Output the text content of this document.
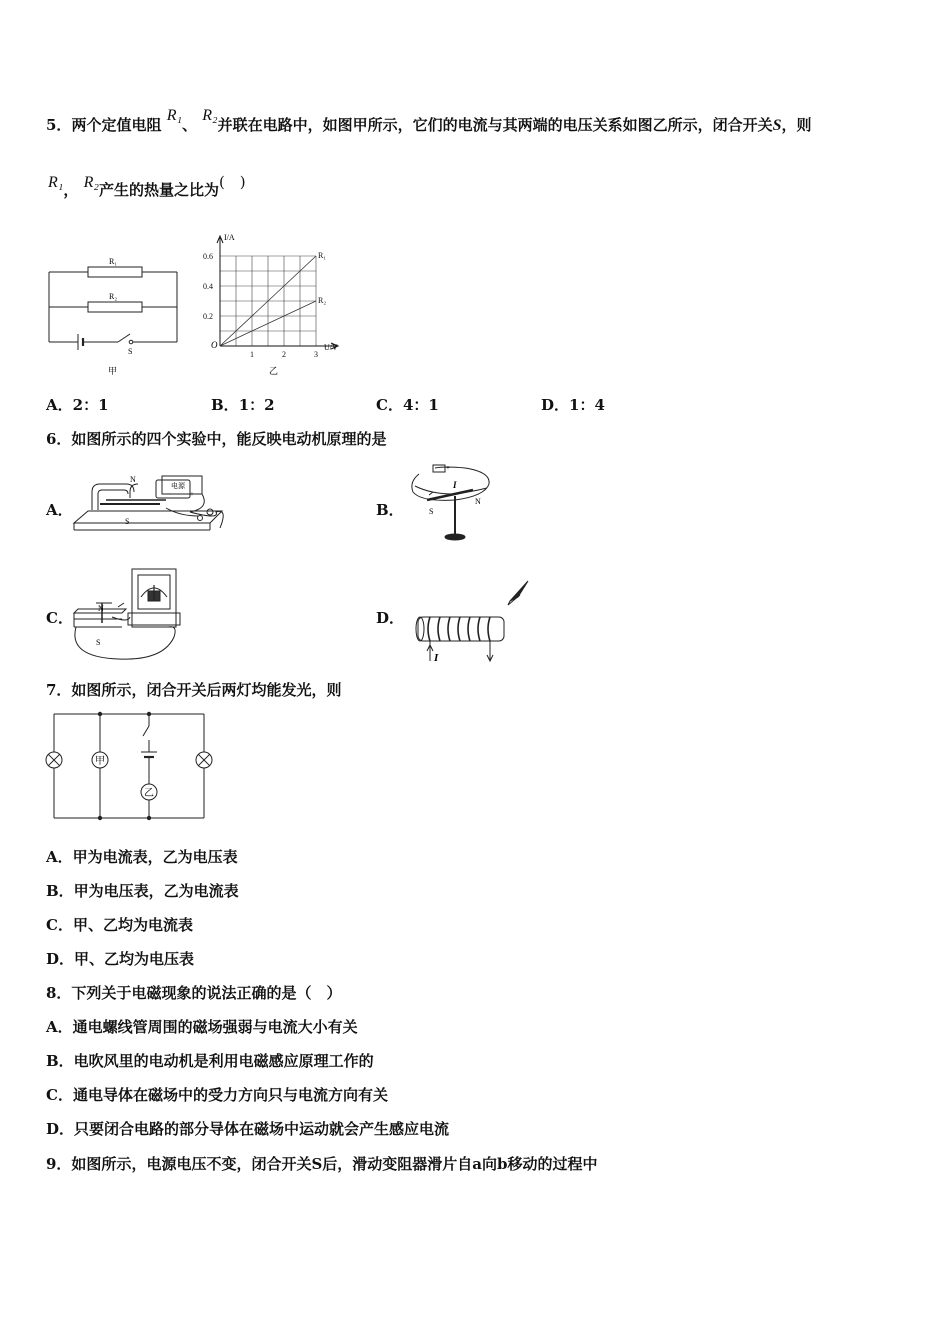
5．两个定值电阻 R₁、 R₂并联在电路中，如图甲所示，它们的电流与其两端的电压关系如图乙所示，闭合开关S，则
R₁， R₂产生的热量之比为(　)
R₁
R₂
S
甲
1	2	3
0.2
0.4
0.6	R₁
R₂
I/A
U/V
O
乙
A．2：1	B．1：2	C．4：1	D．1：4
6．如图所示的四个实验中，能反映电动机原理的是
A．
N
S
电源
+
−
B．	S
N
I
+
C．
N
S
D．
I
7．如图所示，闭合开关后两灯均能发光，则
甲
乙
A．甲为电流表，乙为电压表
B．甲为电压表，乙为电流表
C．甲、乙均为电流表
D．甲、乙均为电压表
8．下列关于电磁现象的说法正确的是（　）
A．通电螺线管周围的磁场强弱与电流大小有关
B．电吹风里的电动机是利用电磁感应原理工作的
C．通电导体在磁场中的受力方向只与电流方向有关
D．只要闭合电路的部分导体在磁场中运动就会产生感应电流
9．如图所示，电源电压不变，闭合开关S后，滑动变阻器滑片自a向b移动的过程中
